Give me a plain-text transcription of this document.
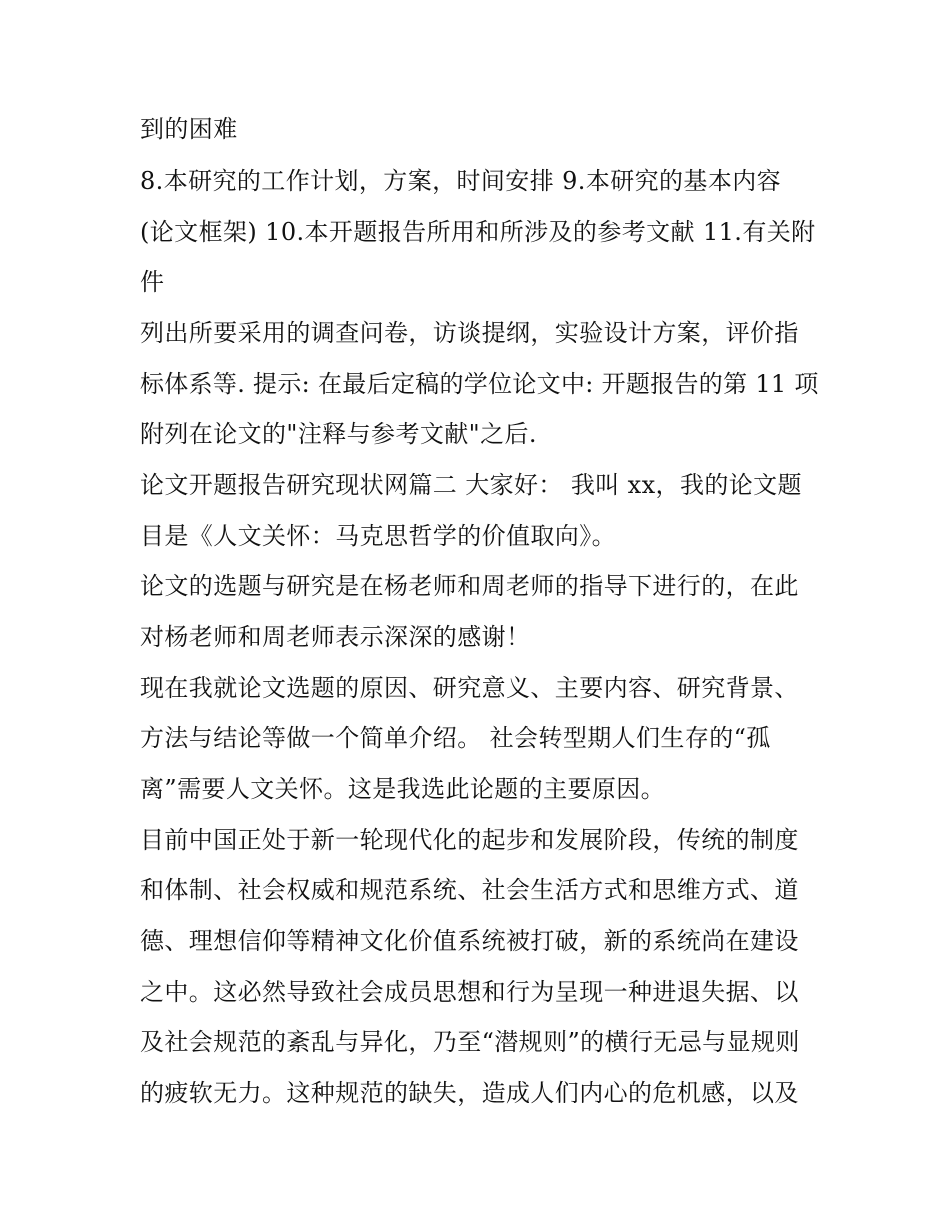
到的困难
8.本研究的工作计划，方案，时间安排 9.本研究的基本内容
(论文框架) 10.本开题报告所用和所涉及的参考文献 11.有关附
件
列出所要采用的调查问卷，访谈提纲，实验设计方案，评价指
标体系等. 提示: 在最后定稿的学位论文中: 开题报告的第 11 项
附列在论文的"注释与参考文献"之后.
论文开题报告研究现状网篇二 大家好： 我叫 xx，我的论文题
目是《人文关怀：马克思哲学的价值取向》。
论文的选题与研究是在杨老师和周老师的指导下进行的，在此
对杨老师和周老师表示深深的感谢！
现在我就论文选题的原因、研究意义、主要内容、研究背景、
方法与结论等做一个简单介绍。 社会转型期人们生存的“孤
离”需要人文关怀。这是我选此论题的主要原因。
目前中国正处于新一轮现代化的起步和发展阶段，传统的制度
和体制、社会权威和规范系统、社会生活方式和思维方式、道
德、理想信仰等精神文化价值系统被打破，新的系统尚在建设
之中。这必然导致社会成员思想和行为呈现一种进退失据、以
及社会规范的紊乱与异化，乃至“潜规则”的横行无忌与显规则
的疲软无力。这种规范的缺失，造成人们内心的危机感，以及
